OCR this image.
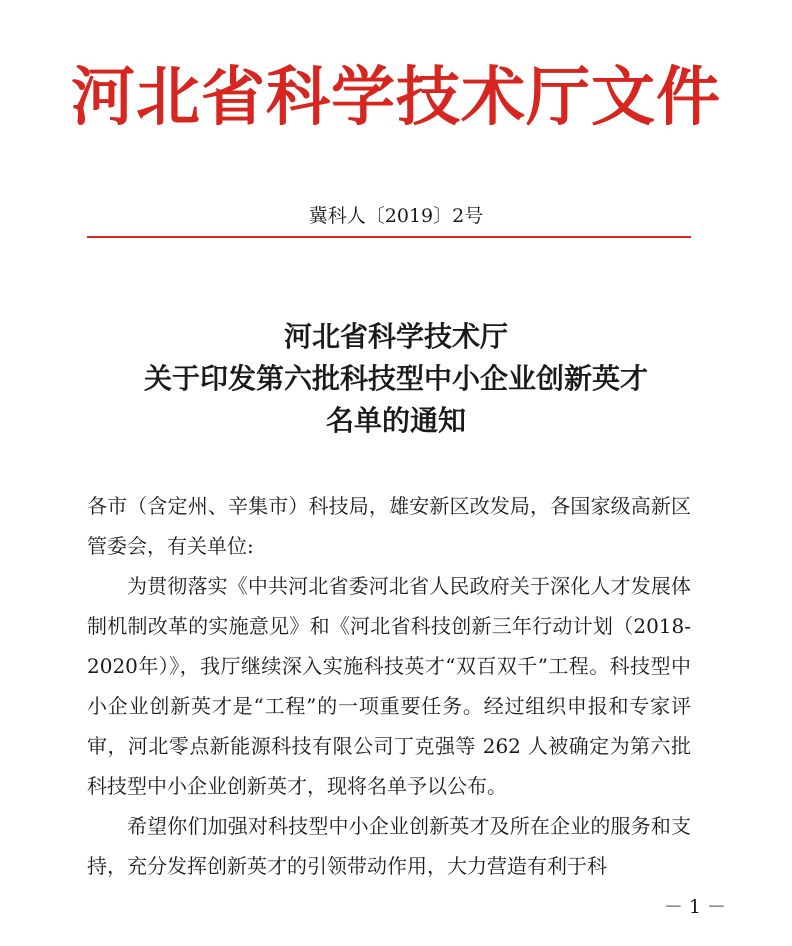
河北省科学技术厅文件
冀科人〔2019〕2号
河北省科学技术厅
关于印发第六批科技型中小企业创新英才
名单的通知

各市（含定州、辛集市）科技局，雄安新区改发局，各国家级高新区管委会，有关单位:

为贯彻落实《中共河北省委河北省人民政府关于深化人才发展体制机制改革的实施意见》和《河北省科技创新三年行动计划（2018-2020年）》，我厅继续深入实施科技英才“双百双千”工程。科技型中小企业创新英才是“工程”的一项重要任务。经过组织申报和专家评审，河北零点新能源科技有限公司丁克强等 262 人被确定为第六批科技型中小企业创新英才，现将名单予以公布。

希望你们加强对科技型中小企业创新英才及所在企业的服务和支持，充分发挥创新英才的引领带动作用，大力营造有利于科

－ 1 －
